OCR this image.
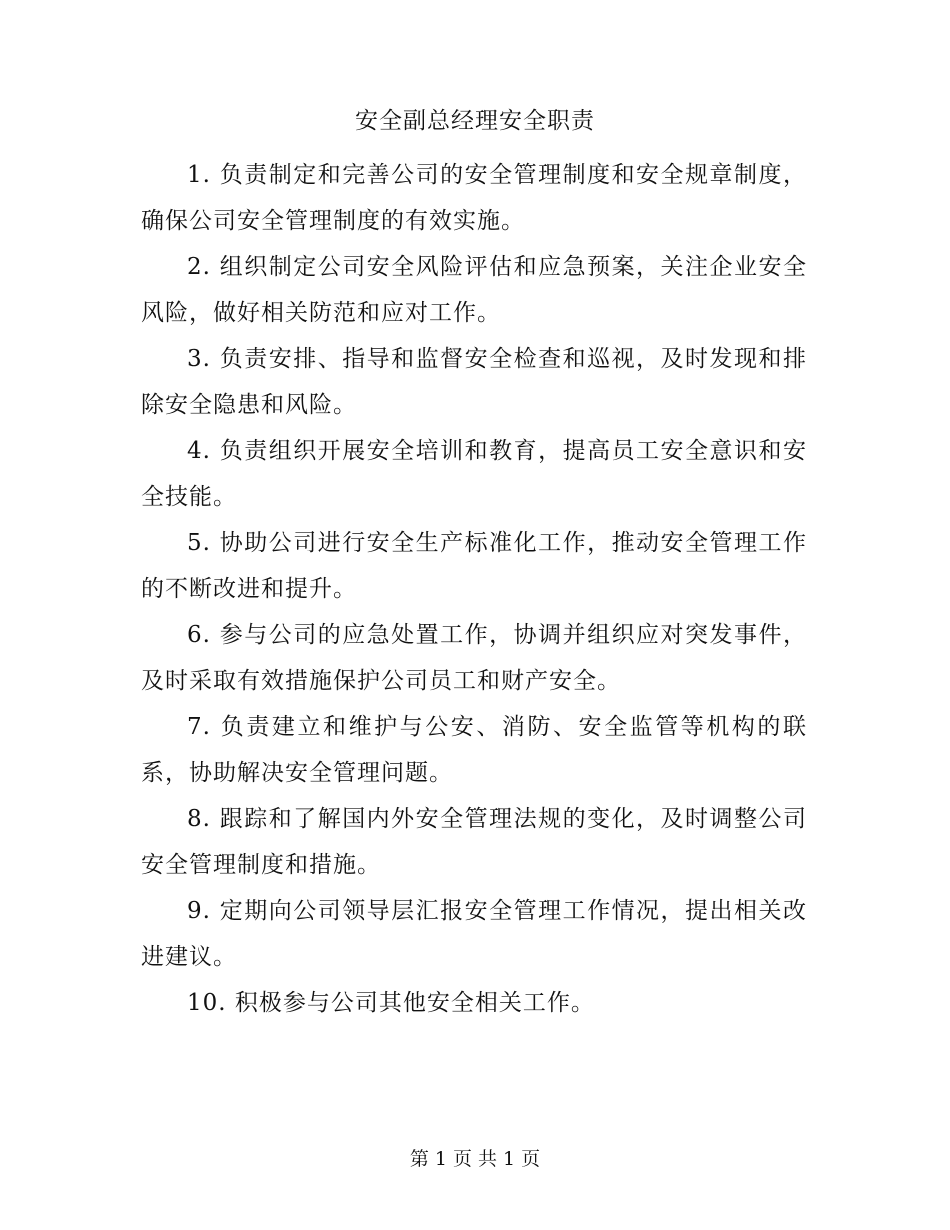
安全副总经理安全职责

1. 负责制定和完善公司的安全管理制度和安全规章制度，确保公司安全管理制度的有效实施。

2. 组织制定公司安全风险评估和应急预案，关注企业安全风险，做好相关防范和应对工作。

3. 负责安排、指导和监督安全检查和巡视，及时发现和排除安全隐患和风险。

4. 负责组织开展安全培训和教育，提高员工安全意识和安全技能。

5. 协助公司进行安全生产标准化工作，推动安全管理工作的不断改进和提升。

6. 参与公司的应急处置工作，协调并组织应对突发事件，及时采取有效措施保护公司员工和财产安全。

7. 负责建立和维护与公安、消防、安全监管等机构的联系，协助解决安全管理问题。

8. 跟踪和了解国内外安全管理法规的变化，及时调整公司安全管理制度和措施。

9. 定期向公司领导层汇报安全管理工作情况，提出相关改进建议。

10. 积极参与公司其他安全相关工作。

第 1 页 共 1 页
